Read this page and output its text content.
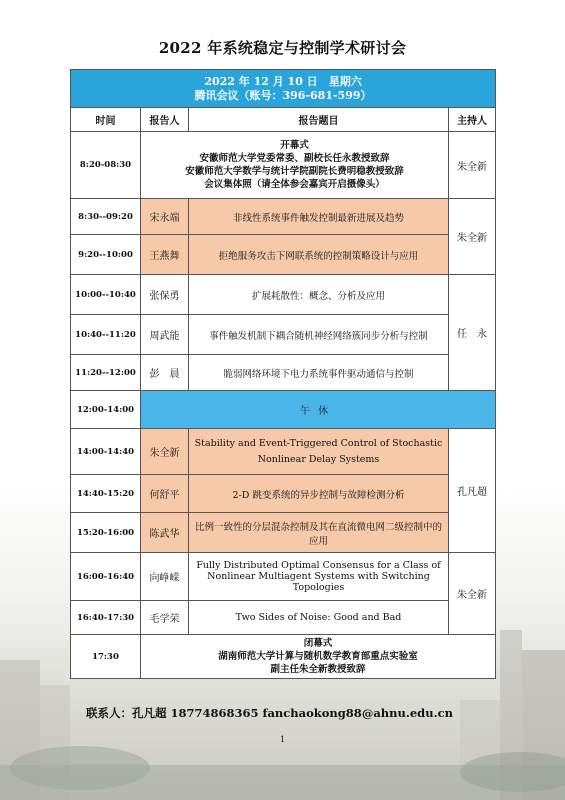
2022 年系统稳定与控制学术研讨会
2022 年 12 月 10 日　星期六
腾讯会议（账号：396-681-599）			

时间	报告人	报告题目	主持人
8:20-08:30	开幕式
安徽师范大学党委常委、副校长任永教授致辞
安徽师范大学数学与统计学院副院长费明稳教授致辞
会议集体照（请全体参会嘉宾开启摄像头）		朱全新
8:30--09:20	宋永端	非线性系统事件触发控制最新进展及趋势	朱全新
9:20--10:00	王燕舞	拒绝服务攻击下网联系统的控制策略设计与应用	
10:00--10:40	张保勇	扩展耗散性：概念、分析及应用	任　永
10:40--11:20	周武能	事件触发机制下耦合随机神经网络簇同步分析与控制	
11:20--12:00	彭　晨	脆弱网络环境下电力系统事件驱动通信与控制	
12:00-14:00	午休		
14:00-14:40	朱全新	Stability and Event-Triggered Control of Stochastic Nonlinear Delay Systems	孔凡超
14:40-15:20	何舒平	2-D 跳变系统的异步控制与故障检测分析	
15:20-16:00	陈武华	比例一致性的分层混杂控制及其在直流微电网二级控制中的应用	
16:00-16:40	向峥嵘	Fully Distributed Optimal Consensus for a Class of Nonlinear Multiagent Systems with Switching Topologies	朱全新
16:40-17:30	毛学荣	Two Sides of Noise: Good and Bad	
17:30	闭幕式
湖南师范大学计算与随机数学教育部重点实验室
副主任朱全新教授致辞		
联系人：孔凡超 18774868365 fanchaokong88@ahnu.edu.cn
1
